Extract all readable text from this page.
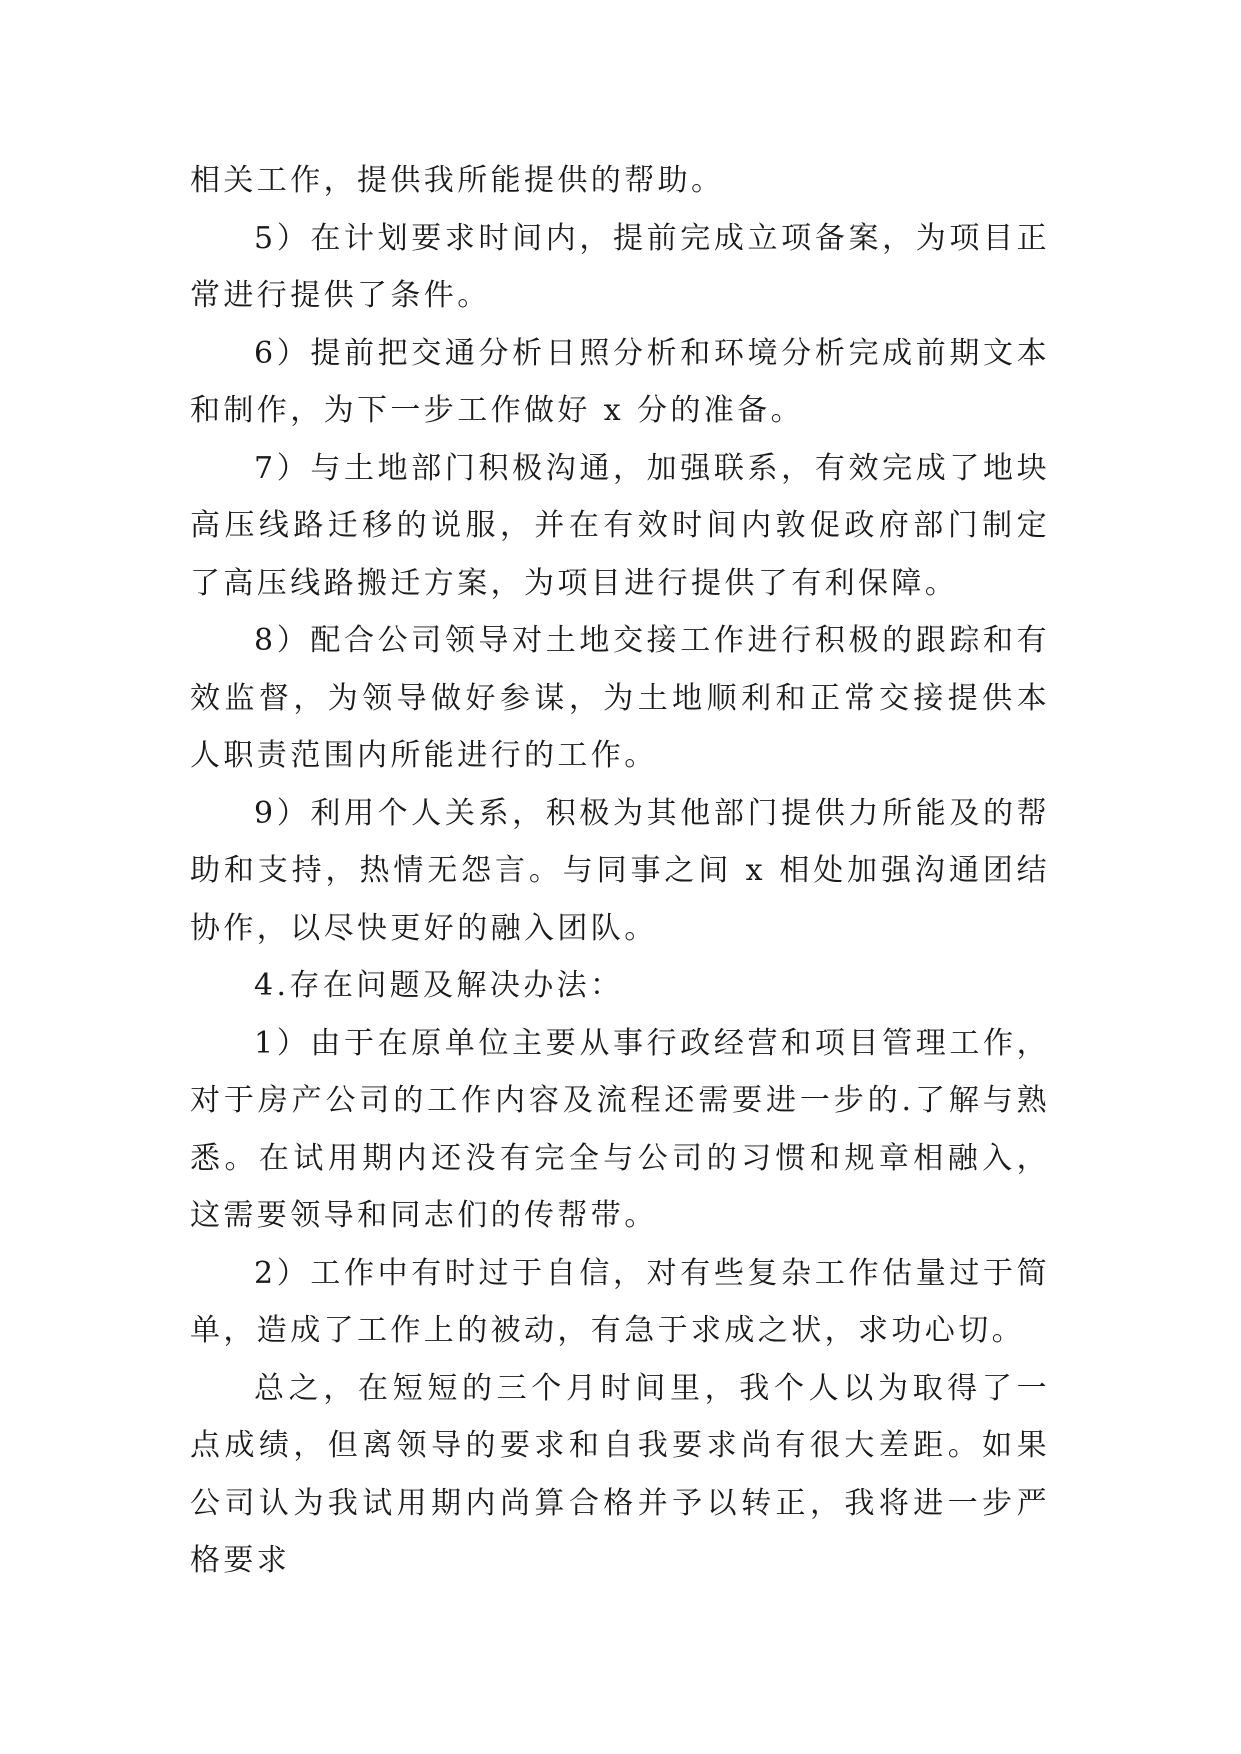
相关工作，提供我所能提供的帮助。

5）在计划要求时间内，提前完成立项备案，为项目正常进行提供了条件。

6）提前把交通分析日照分析和环境分析完成前期文本和制作，为下一步工作做好 x 分的准备。

7）与土地部门积极沟通，加强联系，有效完成了地块高压线路迁移的说服，并在有效时间内敦促政府部门制定了高压线路搬迁方案，为项目进行提供了有利保障。

8）配合公司领导对土地交接工作进行积极的跟踪和有效监督，为领导做好参谋，为土地顺利和正常交接提供本人职责范围内所能进行的工作。

9）利用个人关系，积极为其他部门提供力所能及的帮助和支持，热情无怨言。与同事之间 x 相处加强沟通团结协作，以尽快更好的融入团队。

4.存在问题及解决办法：

1）由于在原单位主要从事行政经营和项目管理工作，对于房产公司的工作内容及流程还需要进一步的.了解与熟悉。在试用期内还没有完全与公司的习惯和规章相融入，这需要领导和同志们的传帮带。

2）工作中有时过于自信，对有些复杂工作估量过于简单，造成了工作上的被动，有急于求成之状，求功心切。

总之，在短短的三个月时间里，我个人以为取得了一点成绩，但离领导的要求和自我要求尚有很大差距。如果公司认为我试用期内尚算合格并予以转正，我将进一步严格要求
